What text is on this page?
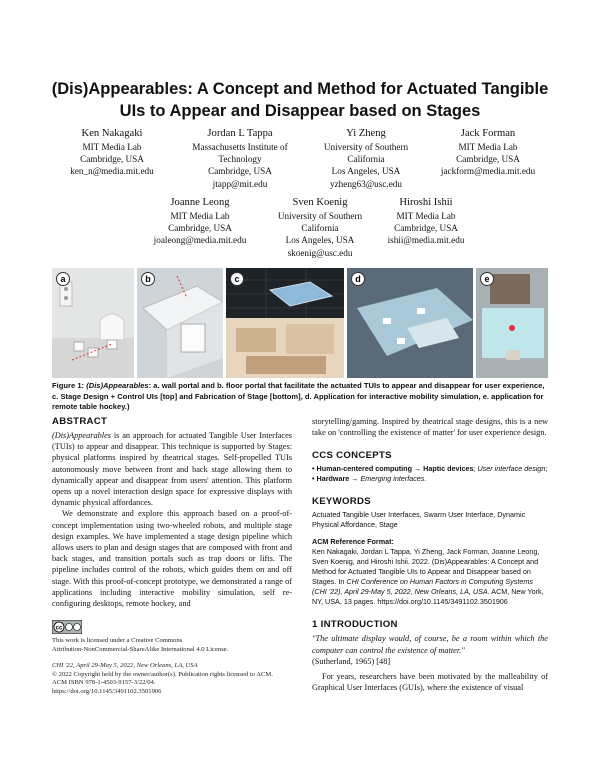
(Dis)Appearables: A Concept and Method for Actuated Tangible
UIs to Appear and Disappear based on Stages
Ken Nakagaki
MIT Media Lab
Cambridge, USA
ken_n@media.mit.edu
Jordan L Tappa
Massachusetts Institute of
Technology
Cambridge, USA
jtapp@mit.edu
Yi Zheng
University of Southern
California
Los Angeles, USA
yzheng63@usc.edu
Jack Forman
MIT Media Lab
Cambridge, USA
jackform@media.mit.edu
Joanne Leong
MIT Media Lab
Cambridge, USA
joaleong@media.mit.edu
Sven Koenig
University of Southern
California
Los Angeles, USA
skoenig@usc.edu
Hiroshi Ishii
MIT Media Lab
Cambridge, USA
ishii@media.mit.edu
a	b	c	d	e
Figure 1: (Dis)Appearables: a. wall portal and b. floor portal that facilitate the actuated TUIs to appear and disappear for user experience, c. Stage Design + Control UIs [top] and Fabrication of Stage [bottom], d. Application for interactive mobility simulation, e. application for remote table hockey.)
ABSTRACT

(Dis)Appearables is an approach for actuated Tangible User Interfaces (TUIs) to appear and disappear. This technique is supported by Stages: physical platforms inspired by theatrical stages. Self-propelled TUIs autonomously move between front and back stage allowing them to dynamically appear and disappear from users' attention. This platform opens up a novel interaction design space for expressive displays with dynamic physical affordances.

We demonstrate and explore this approach based on a proof-of-concept implementation using two-wheeled robots, and multiple stage design examples. We have implemented a stage design pipeline which allows users to plan and design stages that are composed with front and back stages, and transition portals such as trap doors or lifts. The pipeline includes control of the robots, which guides them on and off stage. With this proof-of-concept prototype, we demonstrated a range of applications including interactive mobility simulation, self re-configuring desktops, remote hockey, and

cc
This work is licensed under a Creative Commons
Attribution-NonCommercial-ShareAlike International 4.0 License.
CHI '22, April 29-May 5, 2022, New Orleans, LA, USA
© 2022 Copyright held by the owner/author(s). Publication rights licensed to ACM.
ACM ISBN 978-1-4503-9157-3/22/04.
https://doi.org/10.1145/3491102.3501906

storytelling/gaming. Inspired by theatrical stage designs, this is a new take on 'controlling the existence of matter' for user experience design.

CCS CONCEPTS

• Human-centered computing → Haptic devices; User interface design; • Hardware → Emerging interfaces.

KEYWORDS

Actuated Tangible User Interfaces, Swarm User Interface, Dynamic Physical Affordance, Stage

ACM Reference Format:

Ken Nakagaki, Jordan L Tappa, Yi Zheng, Jack Forman, Joanne Leong, Sven Koenig, and Hiroshi Ishii. 2022. (Dis)Appearables: A Concept and Method for Actuated Tangible UIs to Appear and Disappear based on Stages. In CHI Conference on Human Factors in Computing Systems (CHI '22), April 29-May 5, 2022, New Orleans, LA, USA. ACM, New York, NY, USA, 13 pages. https://doi.org/10.1145/3491102.3501906

1 INTRODUCTION

"The ultimate display would, of course, be a room within which the computer can control the existence of matter."

(Sutherland, 1965) [48]

For years, researchers have been motivated by the malleability of Graphical User Interfaces (GUIs), where the existence of visual
